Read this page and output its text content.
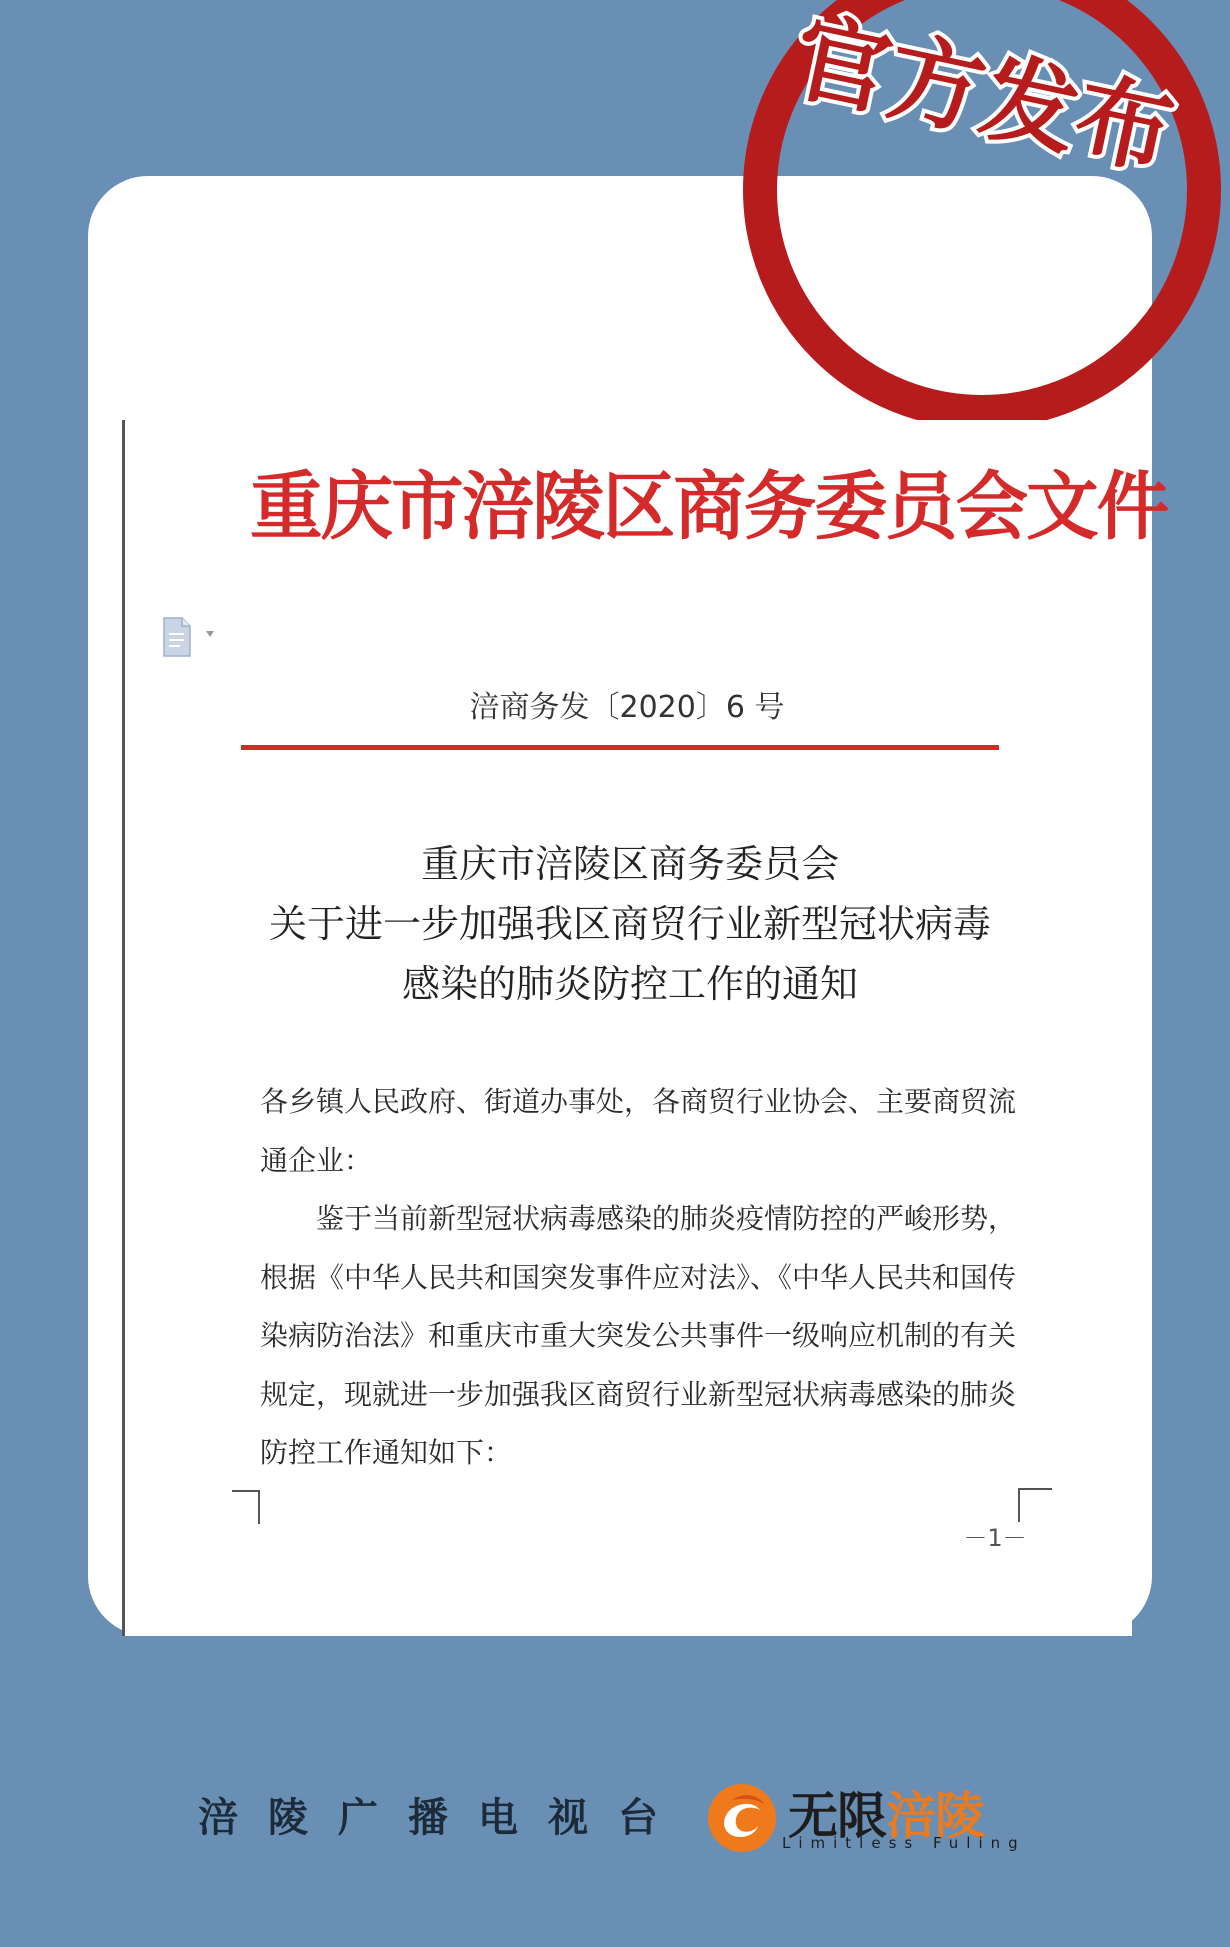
重庆市涪陵区商务委员会文件
涪商务发〔2020〕6 号
重庆市涪陵区商务委员会
关于进一步加强我区商贸行业新型冠状病毒
感染的肺炎防控工作的通知
各乡镇人民政府、街道办事处，各商贸行业协会、主要商贸流
通企业：
　　鉴于当前新型冠状病毒感染的肺炎疫情防控的严峻形势，
根据《中华人民共和国突发事件应对法》、《中华人民共和国传
染病防治法》和重庆市重大突发公共事件一级响应机制的有关
规定，现就进一步加强我区商贸行业新型冠状病毒感染的肺炎
防控工作通知如下：
－1－
官方发布
涪陵广播电视台 无限涪陵
Limitless Fuling
